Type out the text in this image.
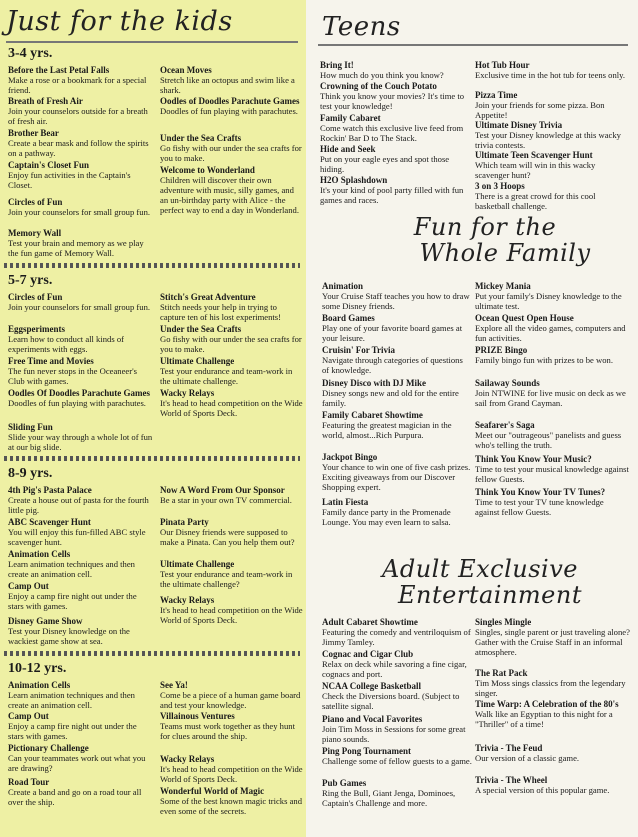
Just for the kids	Teens
3-4 yrs.
Before the Last Petal Falls
Make a rose or a bookmark for a special friend.
Breath of Fresh Air
Join your counselors outside for a breath of fresh air.
Brother Bear
Create a bear mask and follow the spirits on a pathway.
Captain's Closet Fun
Enjoy fun activities in the Captain's Closet.
Circles of Fun
Join your counselors for small group fun.
Memory Wall
Test your brain and memory as we play the fun game of Memory Wall.
Ocean Moves
Stretch like an octopus and swim like a shark.
Oodles of Doodles Parachute Games
Doodles of fun playing with parachutes.
Under the Sea Crafts
Go fishy with our under the sea crafts for you to make.
Welcome to Wonderland
Children will discover their own adventure with music, silly games, and an un-birthday party with Alice - the perfect way to end a day in Wonderland.
5-7 yrs.
Circles of Fun
Join your counselors for small group fun.
Eggsperiments
Learn how to conduct all kinds of experiments with eggs.
Free Time and Movies
The fun never stops in the Oceaneer's Club with games.
Oodles Of Doodles Parachute Games
Doodles of fun playing with parachutes.
Sliding Fun
Slide your way through a whole lot of fun at our big slide.
Stitch's Great Adventure
Stitch needs your help in trying to capture ten of his lost experiments!
Under the Sea Crafts
Go fishy with our under the sea crafts for you to make.
Ultimate Challenge
Test your endurance and team-work in the ultimate challenge.
Wacky Relays
It's head to head competition on the Wide World of Sports Deck.
8-9 yrs.
4th Pig's Pasta Palace
Create a house out of pasta for the fourth little pig.
ABC Scavenger Hunt
You will enjoy this fun-filled ABC style scavenger hunt.
Animation Cells
Learn animation techniques and then create an animation cell.
Camp Out
Enjoy a camp fire night out under the stars with games.
Disney Game Show
Test your Disney knowledge on the wackiest game show at sea.
Now A Word From Our Sponsor
Be a star in your own TV commercial.
Pinata Party
Our Disney friends were supposed to make a Pinata. Can you help them out?
Ultimate Challenge
Test your endurance and team-work in the ultimate challenge?
Wacky Relays
It's head to head competition on the Wide World of Sports Deck.
10-12 yrs.
Animation Cells
Learn animation techniques and then create an animation cell.
Camp Out
Enjoy a camp fire night out under the stars with games.
Pictionary Challenge
Can your teammates work out what you are drawing?
Road Tour
Create a band and go on a road tour all over the ship.
See Ya!
Come be a piece of a human game board and test your knowledge.
Villainous Ventures
Teams must work together as they hunt for clues around the ship.
Wacky Relays
It's head to head competition on the Wide World of Sports Deck.
Wonderful World of Magic
Some of the best known magic tricks and even some of the secrets.
Bring It!
How much do you think you know?
Crowning of the Couch Potato
Think you know your movies? It's time to test your knowledge!
Family Cabaret
Come watch this exclusive live feed from Rockin' Bar D to The Stack.
Hide and Seek
Put on your eagle eyes and spot those hiding.
H2O Splashdown
It's your kind of pool party filled with fun games and races.
Hot Tub Hour
Exclusive time in the hot tub for teens only.
Pizza Time
Join your friends for some pizza. Bon Appetite!
Ultimate Disney Trivia
Test your Disney knowledge at this wacky trivia contests.
Ultimate Teen Scavenger Hunt
Which team will win in this wacky scavenger hunt?
3 on 3 Hoops
There is a great crowd for this cool basketball challenge.
Fun for the
Whole Family
Animation
Your Cruise Staff teaches you how to draw some Disney friends.
Board Games
Play one of your favorite board games at your leisure.
Cruisin' For Trivia
Navigate through categories of questions of knowledge.
Disney Disco with DJ Mike
Disney songs new and old for the entire family.
Family Cabaret Showtime
Featuring the greatest magician in the world, almost...Rich Purpura.
Jackpot Bingo
Your chance to win one of five cash prizes. Exciting giveaways from our Discover Shopping expert.
Latin Fiesta
Family dance party in the Promenade Lounge. You may even learn to salsa.
Mickey Mania
Put your family's Disney knowledge to the ultimate test.
Ocean Quest Open House
Explore all the video games, computers and fun activities.
PRIZE Bingo
Family bingo fun with prizes to be won.
Sailaway Sounds
Join NTWINE for live music on deck as we sail from Grand Cayman.
Seafarer's Saga
Meet our "outrageous" panelists and guess who's telling the truth.
Think You Know Your Music?
Time to test your musical knowledge against fellow Guests.
Think You Know Your TV Tunes?
Time to test your TV tune knowledge against fellow Guests.
Adult Exclusive
Entertainment
Adult Cabaret Showtime
Featuring the comedy and ventriloquism of Jimmy Tamley.
Cognac and Cigar Club
Relax on deck while savoring a fine cigar, cognacs and port.
NCAA College Basketball
Check the Diversions board. (Subject to satellite signal.
Piano and Vocal Favorites
Join Tim Moss in Sessions for some great piano sounds.
Ping Pong Tournament
Challenge some of fellow guests to a game.
Pub Games
Ring the Bull, Giant Jenga, Dominoes, Captain's Challenge and more.
Singles Mingle
Singles, single parent or just traveling alone? Gather with the Cruise Staff in an informal atmosphere.
The Rat Pack
Tim Moss sings classics from the legendary singer.
Time Warp: A Celebration of the 80's
Walk like an Egyptian to this night for a "Thriller" of a time!
Trivia - The Feud
Our version of a classic game.
Trivia - The Wheel
A special version of this popular game.
